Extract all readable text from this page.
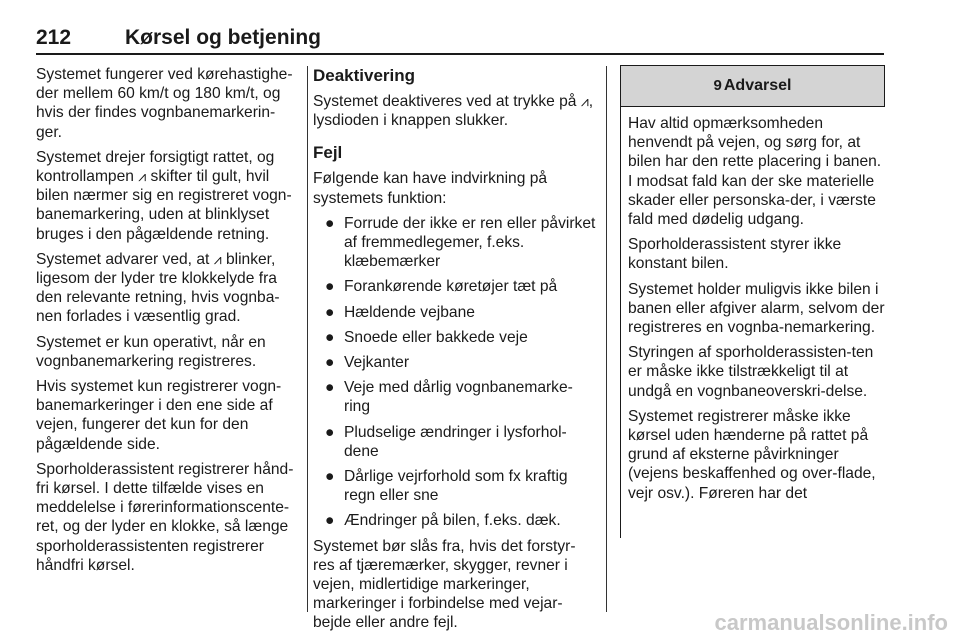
212	Kørsel og betjening

Systemet fungerer ved kørehastighe-der mellem 60 km/t og 180 km/t, og hvis der findes vognbanemarkerin-ger.

Systemet drejer forsigtigt rattet, og kontrollampen ⩘ skifter til gult, hvil bilen nærmer sig en registreret vogn-banemarkering, uden at blinklyset bruges i den pågældende retning.

Systemet advarer ved, at ⩘ blinker, ligesom der lyder tre klokkelyde fra den relevante retning, hvis vognba-nen forlades i væsentlig grad.

Systemet er kun operativt, når en vognbanemarkering registreres.

Hvis systemet kun registrerer vogn-banemarkeringer i den ene side af vejen, fungerer det kun for den pågældende side.

Sporholderassistent registrerer hånd-fri kørsel. I dette tilfælde vises en meddelelse i førerinformationscente-ret, og der lyder en klokke, så længe sporholderassistenten registrerer håndfri kørsel.

Deaktivering

Systemet deaktiveres ved at trykke på ⩘, lysdioden i knappen slukker.

Fejl

Følgende kan have indvirkning på systemets funktion:

● Forrude der ikke er ren eller påvirket af fremmedlegemer, f.eks. klæbemærker
● Forankørende køretøjer tæt på
● Hældende vejbane
● Snoede eller bakkede veje
● Vejkanter
● Veje med dårlig vognbanemarke-ring
● Pludselige ændringer i lysforhol-dene
● Dårlige vejrforhold som fx kraftig regn eller sne
● Ændringer på bilen, f.eks. dæk.

Systemet bør slås fra, hvis det forstyr-res af tjæremærker, skygger, revner i vejen, midlertidige markeringer, markeringer i forbindelse med vejar-bejde eller andre fejl.

9 Advarsel

Hav altid opmærksomheden henvendt på vejen, og sørg for, at bilen har den rette placering i banen. I modsat fald kan der ske materielle skader eller personska-der, i værste fald med dødelig udgang.

Sporholderassistent styrer ikke konstant bilen.

Systemet holder muligvis ikke bilen i banen eller afgiver alarm, selvom der registreres en vognba-nemarkering.

Styringen af sporholderassisten-ten er måske ikke tilstrækkeligt til at undgå en vognbaneoverskri-delse.

Systemet registrerer måske ikke kørsel uden hænderne på rattet på grund af eksterne påvirkninger (vejens beskaffenhed og over-flade, vejr osv.). Føreren har det

carmanualsonline.info
